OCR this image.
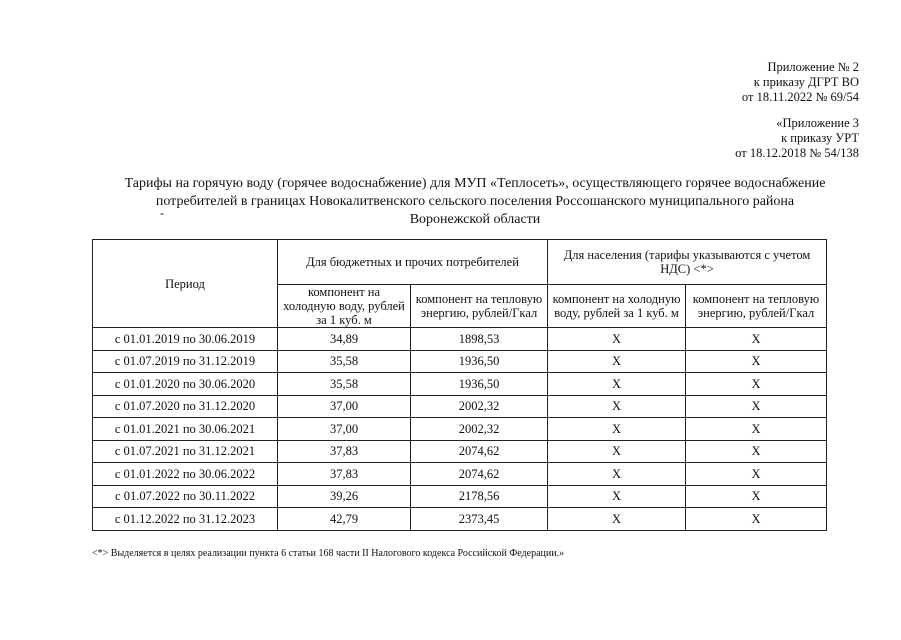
Приложение № 2
к приказу ДГРТ ВО
от 18.11.2022 № 69/54
«Приложение 3
к приказу УРТ
от 18.12.2018 № 54/138
Тарифы на горячую воду (горячее водоснабжение) для МУП «Теплосеть», осуществляющего горячее водоснабжение
потребителей в границах Новокалитвенского сельского поселения Россошанского муниципального района
Воронежской области
-
Период	Для бюджетных и прочих потребителей		Для населения (тарифы указываются с учетом НДС) <*>	
	компонент на холодную воду, рублей за 1 куб. м	компонент на тепловую энергию, рублей/Гкал	компонент на холодную воду, рублей за 1 куб. м	компонент на тепловую энергию, рублей/Гкал
с 01.01.2019 по 30.06.2019	34,89	1898,53	X	X
с 01.07.2019 по 31.12.2019	35,58	1936,50	X	X
с 01.01.2020 по 30.06.2020	35,58	1936,50	X	X
с 01.07.2020 по 31.12.2020	37,00	2002,32	X	X
с 01.01.2021 по 30.06.2021	37,00	2002,32	X	X
с 01.07.2021 по 31.12.2021	37,83	2074,62	X	X
с 01.01.2022 по 30.06.2022	37,83	2074,62	X	X
с 01.07.2022 по 30.11.2022	39,26	2178,56	X	X
с 01.12.2022 по 31.12.2023	42,79	2373,45	X	X
<*> Выделяется в целях реализации пункта 6 статьи 168 части II Налогового кодекса Российской Федерации.»
